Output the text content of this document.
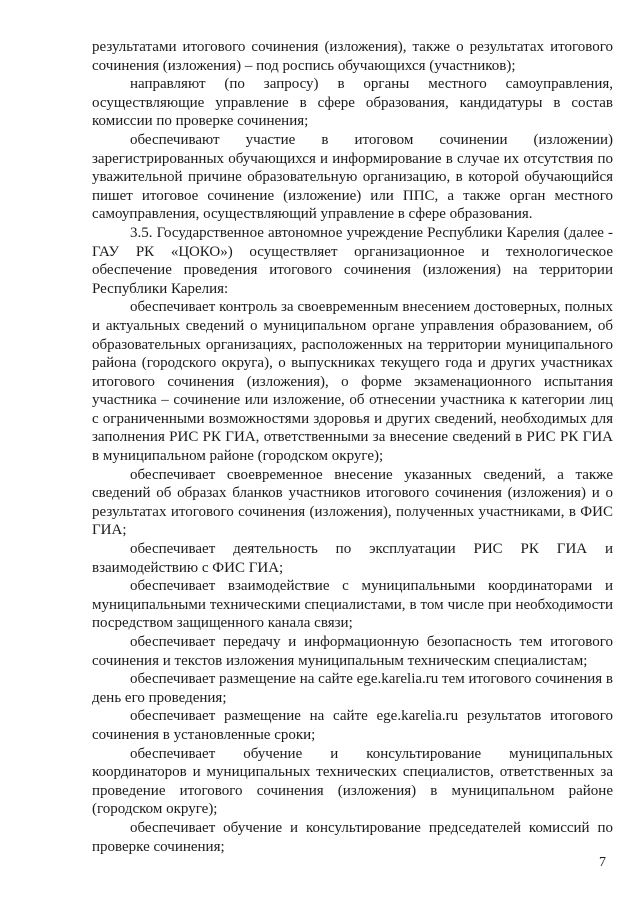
результатами итогового сочинения (изложения), также о результатах итогового сочинения (изложения) – под роспись обучающихся (участников);

направляют (по запросу) в органы местного самоуправления, осуществляющие управление в сфере образования, кандидатуры в состав комиссии по проверке сочинения;

обеспечивают участие в итоговом сочинении (изложении) зарегистрированных обучающихся и информирование в случае их отсутствия по уважительной причине образовательную организацию, в которой обучающийся пишет итоговое сочинение (изложение) или ППС, а также орган местного самоуправления, осуществляющий управление в сфере образования.

3.5. Государственное автономное учреждение Республики Карелия (далее - ГАУ РК «ЦОКО») осуществляет организационное и технологическое обеспечение проведения итогового сочинения (изложения) на территории Республики Карелия:

обеспечивает контроль за своевременным внесением достоверных, полных и актуальных сведений о муниципальном органе управления образованием, об образовательных организациях, расположенных на территории муниципального района (городского округа), о выпускниках текущего года и других участниках итогового сочинения (изложения), о форме экзаменационного испытания участника – сочинение или изложение, об отнесении участника к категории лиц с ограниченными возможностями здоровья и других сведений, необходимых для заполнения РИС РК ГИА, ответственными за внесение сведений в РИС РК ГИА в муниципальном районе (городском округе);

обеспечивает своевременное внесение указанных сведений, а также сведений об образах бланков участников итогового сочинения (изложения) и о результатах итогового сочинения (изложения), полученных участниками, в ФИС ГИА;

обеспечивает деятельность по эксплуатации РИС РК ГИА и взаимодействию с ФИС ГИА;

обеспечивает взаимодействие с муниципальными координаторами и муниципальными техническими специалистами, в том числе при необходимости посредством защищенного канала связи;

обеспечивает передачу и информационную безопасность тем итогового сочинения и текстов изложения муниципальным техническим специалистам;

обеспечивает размещение на сайте ege.karelia.ru тем итогового сочинения в день его проведения;

обеспечивает размещение на сайте ege.karelia.ru результатов итогового сочинения в установленные сроки;

обеспечивает обучение и консультирование муниципальных координаторов и муниципальных технических специалистов, ответственных за проведение итогового сочинения (изложения) в муниципальном районе (городском округе);

обеспечивает обучение и консультирование председателей комиссий по проверке сочинения;

7
